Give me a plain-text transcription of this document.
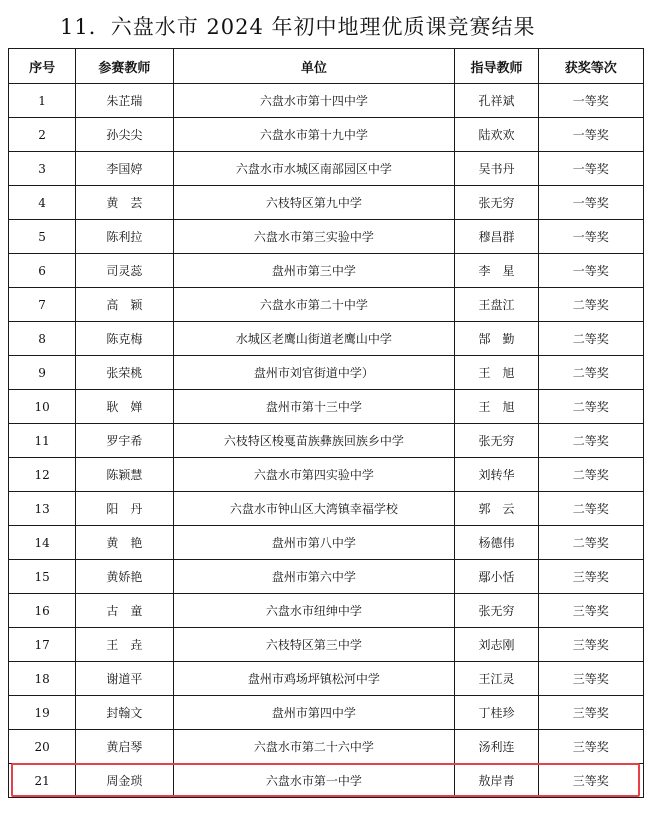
11．六盘水市 2024 年初中地理优质课竞赛结果
序号	参赛教师	单位	指导教师	获奖等次
1	朱芷瑞	六盘水市第十四中学	孔祥斌	一等奖
2	孙尖尖	六盘水市第十九中学	陆欢欢	一等奖
3	李国婷	六盘水市水城区南部园区中学	吴书丹	一等奖
4	黄　芸	六枝特区第九中学	张无穷	一等奖
5	陈利拉	六盘水市第三实验中学	穆昌群	一等奖
6	司灵蕊	盘州市第三中学	李　星	一等奖
7	高　颖	六盘水市第二十中学	王盘江	二等奖
8	陈克梅	水城区老鹰山街道老鹰山中学	郜　勤	二等奖
9	张荣桃	盘州市刘官街道中学）	王　旭	二等奖
10	耿　婵	盘州市第十三中学	王　旭	二等奖
11	罗宇希	六枝特区梭戛苗族彝族回族乡中学	张无穷	二等奖
12	陈颖慧	六盘水市第四实验中学	刘转华	二等奖
13	阳　丹	六盘水市钟山区大湾镇幸福学校	郭　云	二等奖
14	黄　艳	盘州市第八中学	杨德伟	二等奖
15	黄娇艳	盘州市第六中学	鄢小恬	三等奖
16	古　童	六盘水市纽绅中学	张无穷	三等奖
17	王　垚	六枝特区第三中学	刘志刚	三等奖
18	谢道平	盘州市鸡场坪镇松河中学	王江灵	三等奖
19	封翰文	盘州市第四中学	丁桂珍	三等奖
20	黄启琴	六盘水市第二十六中学	汤利连	三等奖
21	周金琐	六盘水市第一中学	敖岸青	三等奖
